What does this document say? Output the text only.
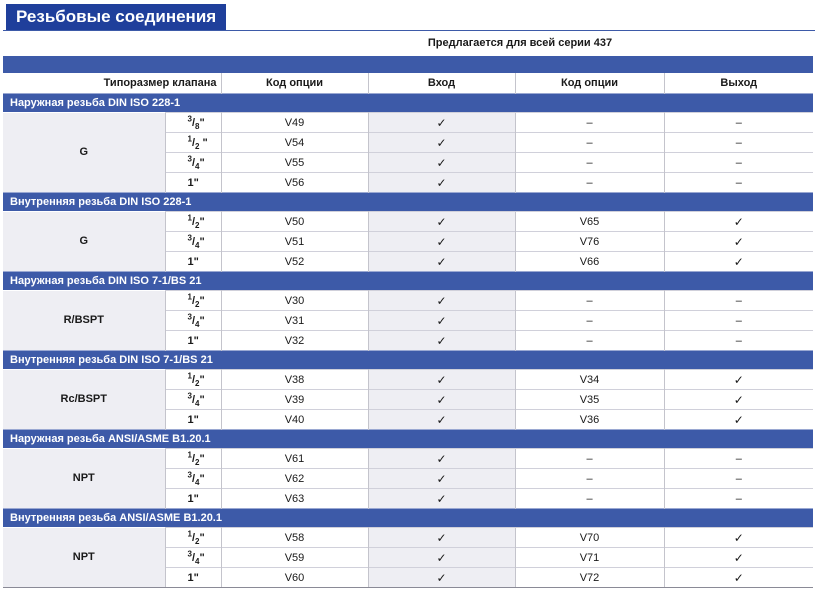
Резьбовые соединения
Предлагается для всей серии 437
Типоразмер клапана		Код опции	Вход	Код опции	Выход
Наружная резьба DIN ISO 228-1					
G	$^3/_8$"	V49	✓	–	–
	$^1/_2$ "	V54	✓	–	–
	$^3/_4$"	V55	✓	–	–
	1"	V56	✓	–	–
Внутренняя резьба DIN ISO 228-1					
G	$^1/_2$"	V50	✓	V65	✓
	$^3/_4$"	V51	✓	V76	✓
	1"	V52	✓	V66	✓
Наружная резьба DIN ISO 7-1/BS 21					
R/BSPT	$^1/_2$"	V30	✓	–	–
	$^3/_4$"	V31	✓	–	–
	1"	V32	✓	–	–
Внутренняя резьба DIN ISO 7-1/BS 21					
Rc/BSPT	$^1/_2$"	V38	✓	V34	✓
	$^3/_4$"	V39	✓	V35	✓
	1"	V40	✓	V36	✓
Наружная резьба ANSI/ASME B1.20.1					
NPT	$^1/_2$"	V61	✓	–	–
	$^3/_4$"	V62	✓	–	–
	1"	V63	✓	–	–
Внутренняя резьба ANSI/ASME B1.20.1					
NPT	$^1/_2$"	V58	✓	V70	✓
	$^3/_4$"	V59	✓	V71	✓
	1"	V60	✓	V72	✓
